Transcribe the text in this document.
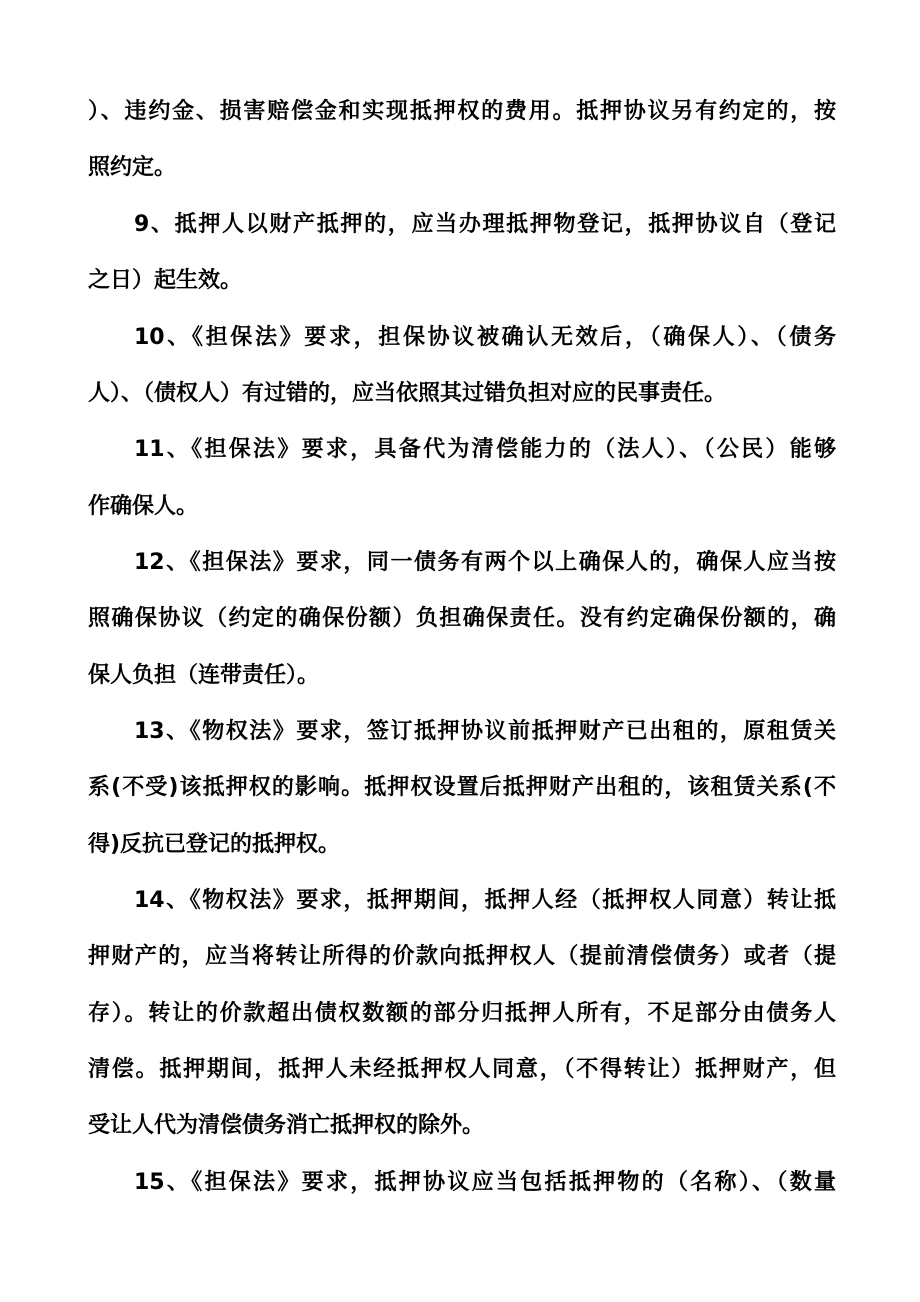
）、违约金、损害赔偿金和实现抵押权的费用。抵押协议另有约定的，按
照约定。
9、抵押人以财产抵押的，应当办理抵押物登记，抵押协议自（登记
之日）起生效。
10、《担保法》要求，担保协议被确认无效后，（确保人）、（债务
人）、（债权人）有过错的，应当依照其过错负担对应的民事责任。
11、《担保法》要求，具备代为清偿能力的（法人）、（公民）能够
作确保人。
12、《担保法》要求，同一债务有两个以上确保人的，确保人应当按
照确保协议（约定的确保份额）负担确保责任。没有约定确保份额的，确
保人负担（连带责任）。
13、《物权法》要求，签订抵押协议前抵押财产已出租的，原租赁关
系(不受)该抵押权的影响。抵押权设置后抵押财产出租的，该租赁关系(不
得)反抗已登记的抵押权。
14、《物权法》要求，抵押期间，抵押人经（抵押权人同意）转让抵
押财产的，应当将转让所得的价款向抵押权人（提前清偿债务）或者（提
存）。转让的价款超出债权数额的部分归抵押人所有，不足部分由债务人
清偿。抵押期间，抵押人未经抵押权人同意，（不得转让）抵押财产，但
受让人代为清偿债务消亡抵押权的除外。
15、《担保法》要求，抵押协议应当包括抵押物的（名称）、（数量
